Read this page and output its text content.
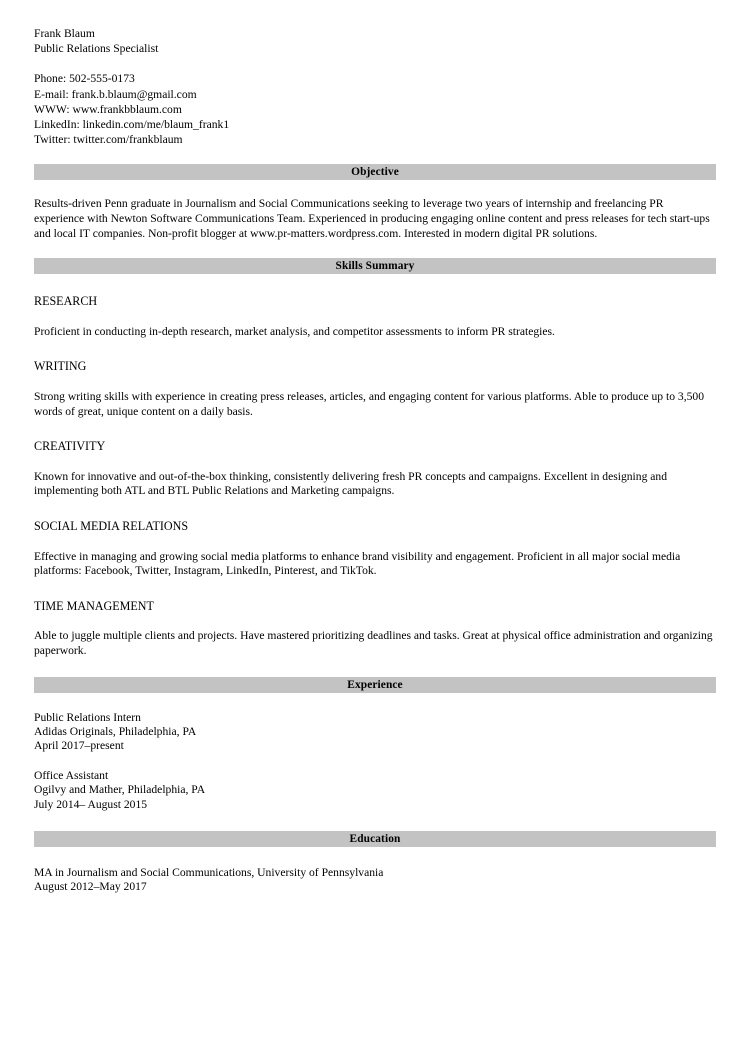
Frank Blaum
Public Relations Specialist
Phone: 502-555-0173
E-mail: frank.b.blaum@gmail.com
WWW: www.frankbblaum.com
LinkedIn: linkedin.com/me/blaum_frank1
Twitter: twitter.com/frankblaum
Objective
Results-driven Penn graduate in Journalism and Social Communications seeking to leverage two years of internship and freelancing PR experience with Newton Software Communications Team. Experienced in producing engaging online content and press releases for tech start-ups and local IT companies. Non-profit blogger at www.pr-matters.wordpress.com. Interested in modern digital PR solutions.
Skills Summary
RESEARCH
Proficient in conducting in-depth research, market analysis, and competitor assessments to inform PR strategies.
WRITING
Strong writing skills with experience in creating press releases, articles, and engaging content for various platforms. Able to produce up to 3,500 words of great, unique content on a daily basis.
CREATIVITY
Known for innovative and out-of-the-box thinking, consistently delivering fresh PR concepts and campaigns. Excellent in designing and implementing both ATL and BTL Public Relations and Marketing campaigns.
SOCIAL MEDIA RELATIONS
Effective in managing and growing social media platforms to enhance brand visibility and engagement. Proficient in all major social media platforms: Facebook, Twitter, Instagram, LinkedIn, Pinterest, and TikTok.
TIME MANAGEMENT
Able to juggle multiple clients and projects. Have mastered prioritizing deadlines and tasks. Great at physical office administration and organizing paperwork.
Experience
Public Relations Intern
Adidas Originals, Philadelphia, PA
April 2017–present
Office Assistant
Ogilvy and Mather, Philadelphia, PA
July 2014– August 2015
Education
MA in Journalism and Social Communications, University of Pennsylvania
August 2012–May 2017
